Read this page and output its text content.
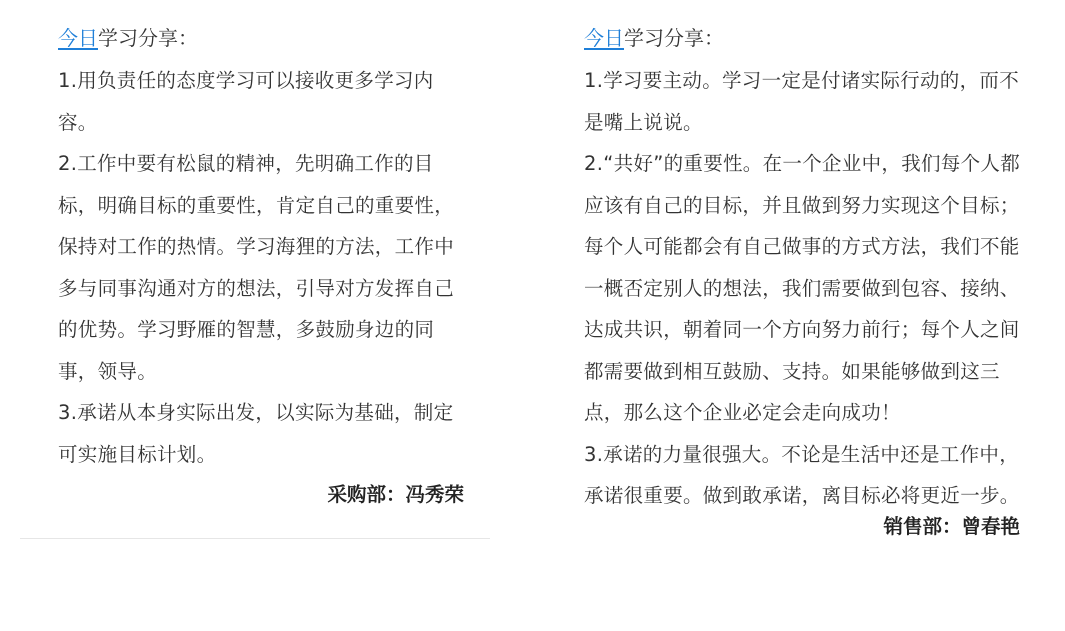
今日学习分享：

1.用负责任的态度学习可以接收更多学习内容。

2.工作中要有松鼠的精神，先明确工作的目标，明确目标的重要性，肯定自己的重要性，保持对工作的热情。学习海狸的方法，工作中多与同事沟通对方的想法，引导对方发挥自己的优势。学习野雁的智慧，多鼓励身边的同事，领导。

3.承诺从本身实际出发，以实际为基础，制定可实施目标计划。

采购部：冯秀荣
今日学习分享：

1.学习要主动。学习一定是付诸实际行动的，而不是嘴上说说。

2.“共好”的重要性。在一个企业中，我们每个人都应该有自己的目标，并且做到努力实现这个目标；每个人可能都会有自己做事的方式方法，我们不能一概否定别人的想法，我们需要做到包容、接纳、达成共识，朝着同一个方向努力前行；每个人之间都需要做到相互鼓励、支持。如果能够做到这三点，那么这个企业必定会走向成功！

3.承诺的力量很强大。不论是生活中还是工作中，承诺很重要。做到敢承诺，离目标必将更近一步。

销售部：曾春艳
